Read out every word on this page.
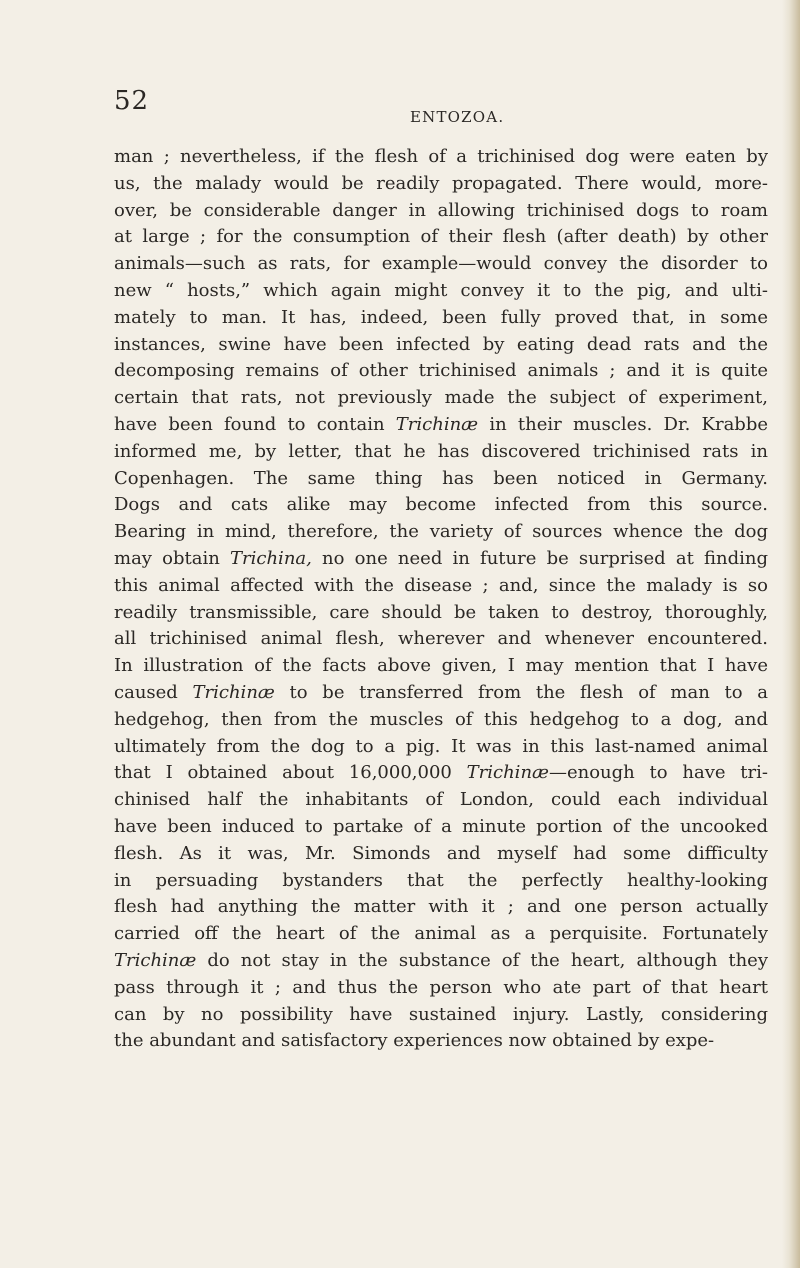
52
ENTOZOA.
man ; nevertheless, if the flesh of a trichinised dog were eaten by
us, the malady would be readily propagated. There would, more-
over, be considerable danger in allowing trichinised dogs to roam
at large ; for the consumption of their flesh (after death) by other
animals—such as rats, for example—would convey the disorder to
new “ hosts,” which again might convey it to the pig, and ulti-
mately to man. It has, indeed, been fully proved that, in some
instances, swine have been infected by eating dead rats and the
decomposing remains of other trichinised animals ; and it is quite
certain that rats, not previously made the subject of experiment,
have been found to contain Trichinæ in their muscles. Dr. Krabbe
informed me, by letter, that he has discovered trichinised rats in
Copenhagen. The same thing has been noticed in Germany.
Dogs and cats alike may become infected from this source.
Bearing in mind, therefore, the variety of sources whence the dog
may obtain Trichina, no one need in future be surprised at finding
this animal affected with the disease ; and, since the malady is so
readily transmissible, care should be taken to destroy, thoroughly,
all trichinised animal flesh, wherever and whenever encountered.
In illustration of the facts above given, I may mention that I have
caused Trichinæ to be transferred from the flesh of man to a
hedgehog, then from the muscles of this hedgehog to a dog, and
ultimately from the dog to a pig. It was in this last-named animal
that I obtained about 16,000,000 Trichinæ—enough to have tri-
chinised half the inhabitants of London, could each individual
have been induced to partake of a minute portion of the uncooked
flesh. As it was, Mr. Simonds and myself had some difficulty
in persuading bystanders that the perfectly healthy-looking
flesh had anything the matter with it ; and one person actually
carried off the heart of the animal as a perquisite. Fortunately
Trichinæ do not stay in the substance of the heart, although they
pass through it ; and thus the person who ate part of that heart
can by no possibility have sustained injury. Lastly, considering
the abundant and satisfactory experiences now obtained by expe-
